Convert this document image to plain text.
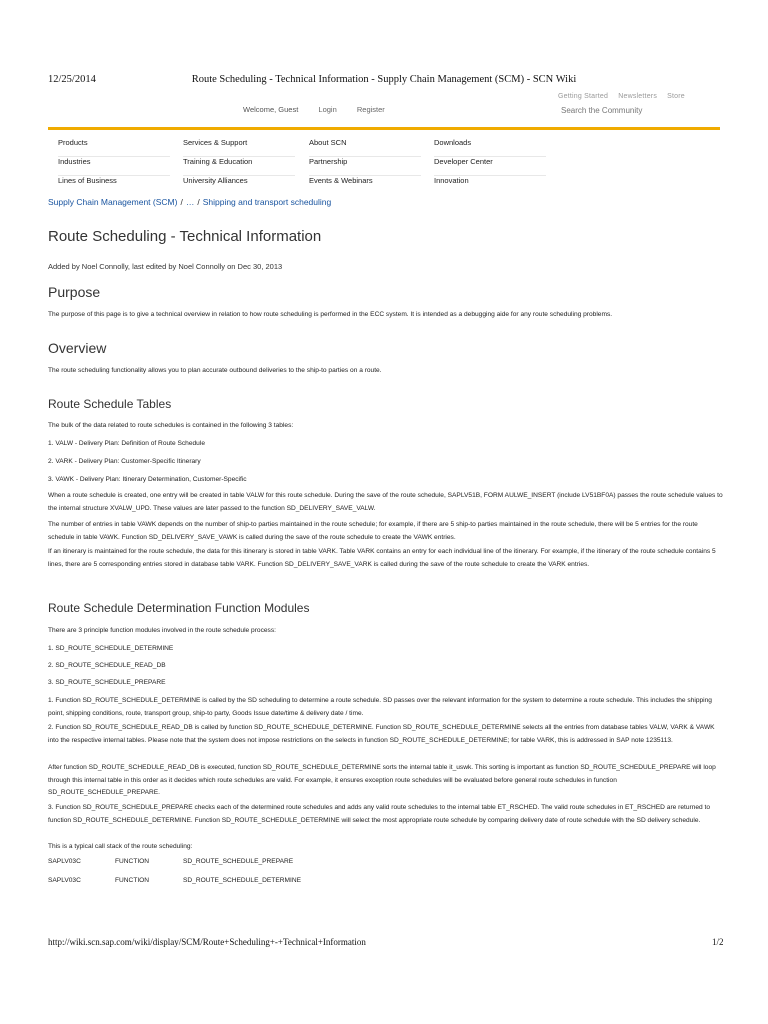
12/25/2014	Route Scheduling - Technical Information - Supply Chain Management (SCM) - SCN Wiki
Getting Started Newsletters Store
Search the Community
Welcome, Guest	Login	Register
Products
Industries
Lines of Business
Services & Support
Training & Education
University Alliances
About SCN
Partnership
Events & Webinars
Downloads
Developer Center
Innovation
Supply Chain Management (SCM) / … / Shipping and transport scheduling
Route Scheduling - Technical Information
Added by Noel Connolly, last edited by Noel Connolly on Dec 30, 2013
Purpose
The purpose of this page is to give a technical overview in relation to how route scheduling is performed in the ECC system. It is intended as a debugging aide for any route scheduling problems.
Overview
The route scheduling functionality allows you to plan accurate outbound deliveries to the ship-to parties on a route.
Route Schedule Tables
The bulk of the data related to route schedules is contained in the following 3 tables:
1. VALW - Delivery Plan: Definition of Route Schedule
2. VARK - Delivery Plan: Customer-Specific Itinerary
3. VAWK - Delivery Plan: Itinerary Determination, Customer-Specific
When a route schedule is created, one entry will be created in table VALW for this route schedule. During the save of the route schedule, SAPLV51B, FORM AULWE_INSERT (include LV51BF0A) passes the route schedule values to the internal structure XVALW_UPD. These values are later passed to the function SD_DELIVERY_SAVE_VALW.
The number of entries in table VAWK depends on the number of ship-to parties maintained in the route schedule; for example, if there are 5 ship-to parties maintained in the route schedule, there will be 5 entries for the route schedule in table VAWK. Function SD_DELIVERY_SAVE_VAWK is called during the save of the route schedule to create the VAWK entries.
If an itinerary is maintained for the route schedule, the data for this itinerary is stored in table VARK. Table VARK contains an entry for each individual line of the itinerary. For example, if the itinerary of the route schedule contains 5 lines, there are 5 corresponding entries stored in database table VARK. Function SD_DELIVERY_SAVE_VARK is called during the save of the route schedule to create the VARK entries.
Route Schedule Determination Function Modules
There are 3 principle function modules involved in the route schedule process:
1. SD_ROUTE_SCHEDULE_DETERMINE
2. SD_ROUTE_SCHEDULE_READ_DB
3. SD_ROUTE_SCHEDULE_PREPARE
1. Function SD_ROUTE_SCHEDULE_DETERMINE is called by the SD scheduling to determine a route schedule. SD passes over the relevant information for the system to determine a route schedule. This includes the shipping point, shipping conditions, route, transport group, ship-to party, Goods Issue date/time & delivery date / time.
2. Function SD_ROUTE_SCHEDULE_READ_DB is called by function SD_ROUTE_SCHEDULE_DETERMINE. Function SD_ROUTE_SCHEDULE_DETERMINE selects all the entries from database tables VALW, VARK & VAWK into the respective internal tables. Please note that the system does not impose restrictions on the selects in function SD_ROUTE_SCHEDULE_DETERMINE; for table VARK, this is addressed in SAP note 1235113.
After function SD_ROUTE_SCHEDULE_READ_DB is executed, function SD_ROUTE_SCHEDULE_DETERMINE sorts the internal table it_uswk. This sorting is important as function SD_ROUTE_SCHEDULE_PREPARE will loop through this internal table in this order as it decides which route schedules are valid. For example, it ensures exception route schedules will be evaluated before general route schedules in function SD_ROUTE_SCHEDULE_PREPARE.
3. Function SD_ROUTE_SCHEDULE_PREPARE checks each of the determined route schedules and adds any valid route schedules to the internal table ET_RSCHED. The valid route schedules in ET_RSCHED are returned to function SD_ROUTE_SCHEDULE_DETERMINE. Function SD_ROUTE_SCHEDULE_DETERMINE will select the most appropriate route schedule by comparing delivery date of route schedule with the SD delivery schedule.
This is a typical call stack of the route scheduling:
SAPLV03C	FUNCTION	SD_ROUTE_SCHEDULE_PREPARE
SAPLV03C	FUNCTION	SD_ROUTE_SCHEDULE_DETERMINE
http://wiki.scn.sap.com/wiki/display/SCM/Route+Scheduling+-+Technical+Information	1/2
